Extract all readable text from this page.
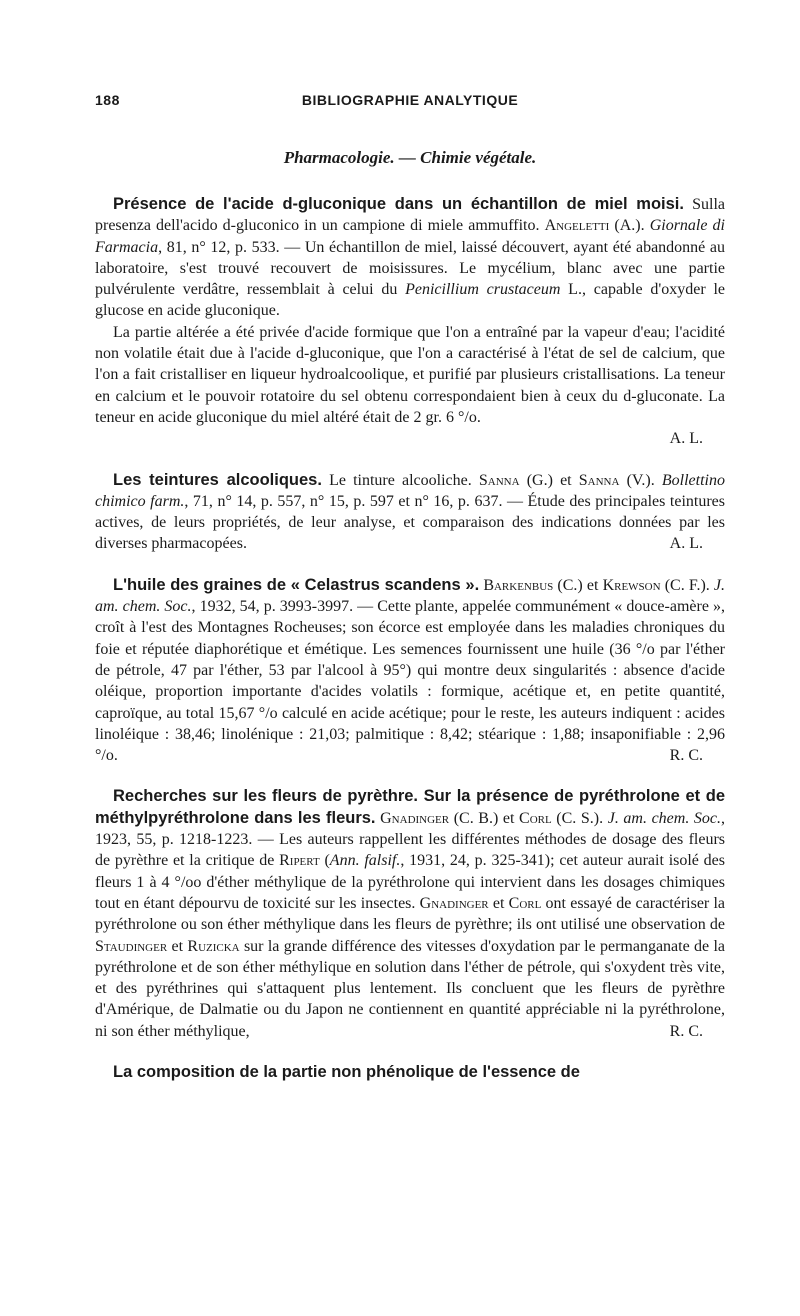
188	BIBLIOGRAPHIE ANALYTIQUE
Pharmacologie. — Chimie végétale.

Présence de l'acide d-gluconique dans un échantillon de miel moisi. Sulla presenza dell'acido d-gluconico in un campione di miele ammuffito. Angeletti (A.). Giornale di Farmacia, 81, n° 12, p. 533. — Un échantillon de miel, laissé découvert, ayant été abandonné au laboratoire, s'est trouvé recouvert de moisissures. Le mycélium, blanc avec une partie pulvérulente verdâtre, ressemblait à celui du Penicillium crustaceum L., capable d'oxyder le glucose en acide gluconique.

La partie altérée a été privée d'acide formique que l'on a entraîné par la vapeur d'eau; l'acidité non volatile était due à l'acide d-gluconique, que l'on a caractérisé à l'état de sel de calcium, que l'on a fait cristalliser en liqueur hydroalcoolique, et purifié par plusieurs cristallisations. La teneur en calcium et le pouvoir rotatoire du sel obtenu correspondaient bien à ceux du d-gluconate. La teneur en acide gluconique du miel altéré était de 2 gr. 6 °/o.

A. L.

Les teintures alcooliques. Le tinture alcooliche. Sanna (G.) et Sanna (V.). Bollettino chimico farm., 71, n° 14, p. 557, n° 15, p. 597 et n° 16, p. 637. — Étude des principales teintures actives, de leurs propriétés, de leur analyse, et comparaison des indications données par les diverses pharmacopées.	A. L.

L'huile des graines de « Celastrus scandens ». Barkenbus (C.) et Krewson (C. F.). J. am. chem. Soc., 1932, 54, p. 3993-3997. — Cette plante, appelée communément « douce-amère », croît à l'est des Montagnes Rocheuses; son écorce est employée dans les maladies chroniques du foie et réputée diaphorétique et émétique. Les semences fournissent une huile (36 °/o par l'éther de pétrole, 47 par l'éther, 53 par l'alcool à 95°) qui montre deux singularités : absence d'acide oléique, proportion importante d'acides volatils : formique, acétique et, en petite quantité, caproïque, au total 15,67 °/o calculé en acide acétique; pour le reste, les auteurs indiquent : acides linoléique : 38,46; linolénique : 21,03; palmitique : 8,42; stéarique : 1,88; insaponifiable : 2,96 °/o.	R. C.

Recherches sur les fleurs de pyrèthre. Sur la présence de pyréthrolone et de méthylpyréthrolone dans les fleurs. Gnadinger (C. B.) et Corl (C. S.). J. am. chem. Soc., 1923, 55, p. 1218-1223. — Les auteurs rappellent les différentes méthodes de dosage des fleurs de pyrèthre et la critique de Ripert (Ann. falsif., 1931, 24, p. 325-341); cet auteur aurait isolé des fleurs 1 à 4 °/oo d'éther méthylique de la pyréthrolone qui intervient dans les dosages chimiques tout en étant dépourvu de toxicité sur les insectes. Gnadinger et Corl ont essayé de caractériser la pyréthrolone ou son éther méthylique dans les fleurs de pyrèthre; ils ont utilisé une observation de Staudinger et Ruzicka sur la grande différence des vitesses d'oxydation par le permanganate de la pyréthrolone et de son éther méthylique en solution dans l'éther de pétrole, qui s'oxydent très vite, et des pyréthrines qui s'attaquent plus lentement. Ils concluent que les fleurs de pyrèthre d'Amérique, de Dalmatie ou du Japon ne contiennent en quantité appréciable ni la pyréthrolone, ni son éther méthylique,	R. C.

La composition de la partie non phénolique de l'essence de
